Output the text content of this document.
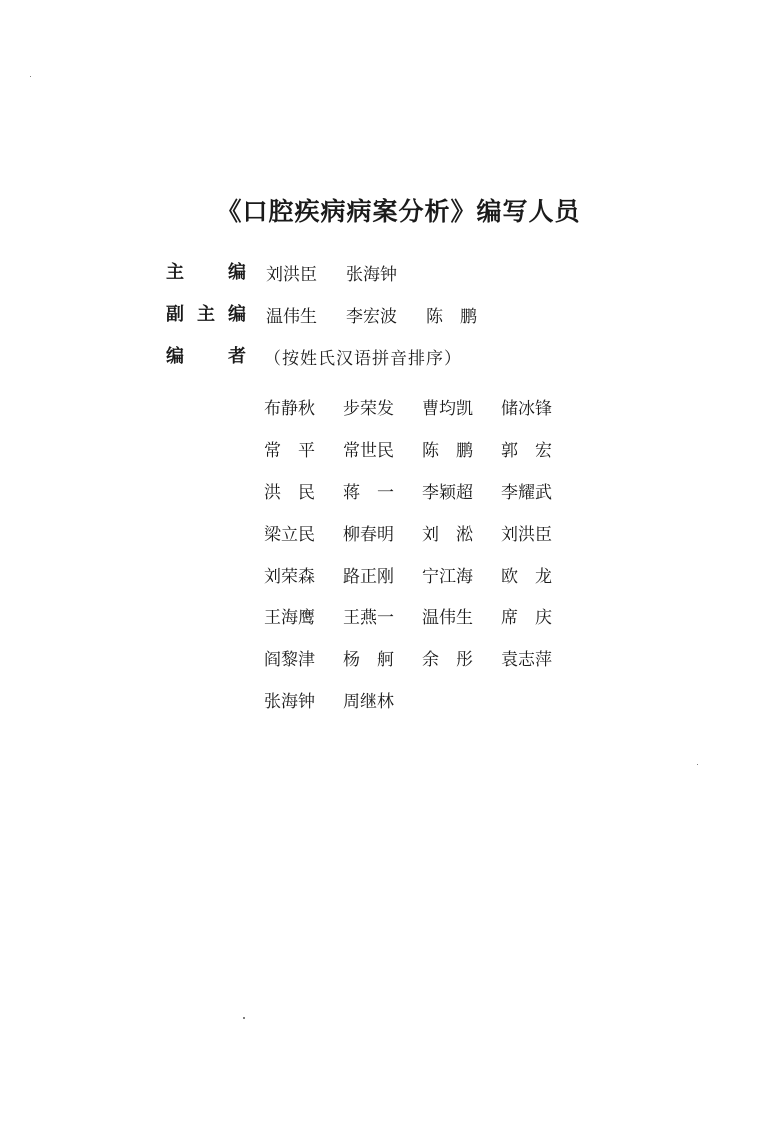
《口腔疾病病案分析》编写人员
主 编 刘洪臣	张海钟
副 主 编 温伟生	李宏波	陈　鹏
编 者 （按姓氏汉语拼音排序）
布静秋	步荣发	曹均凯	储冰锋
常　平	常世民	陈　鹏	郭　宏
洪　民	蒋　一	李颖超	李耀武
梁立民	柳春明	刘　淞	刘洪臣
刘荣森	路正刚	宁江海	欧　龙
王海鹰	王燕一	温伟生	席　庆
阎黎津	杨　舸	余　彤	袁志萍
张海钟	周继林
